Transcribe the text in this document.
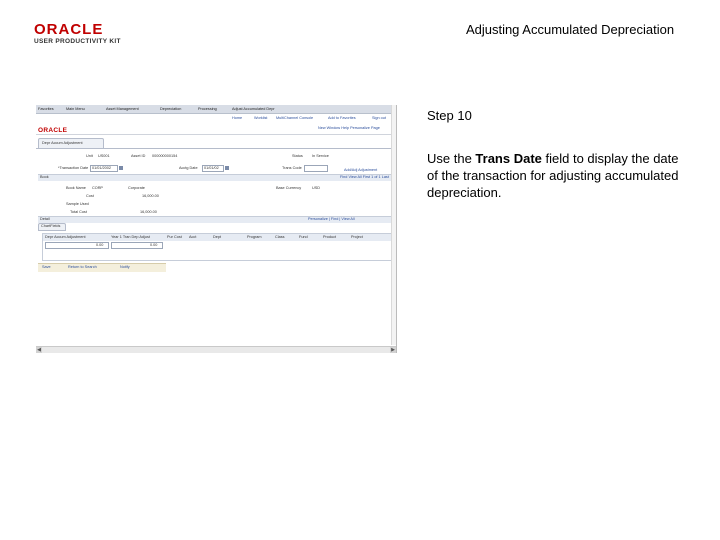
ORACLE
USER PRODUCTIVITY KIT
Adjusting Accumulated Depreciation
Step 10
Use the Trans Date field to display the date of the transaction for adjusting accumulated depreciation.
Favorites	Main Menu	Asset Management	Depreciation	Processing	Adjust Accumulated Depr
ORACLE
Home	Worklist MultiChannel Console	Add to Favorites	Sign out
New Window Help Personalize Page
Depr Accum Adjustment
Unit US001	Asset ID 000000000154	Status In Service
*Transaction Date 01/01/2002	Acctg Date 01/01/02	Trans Code	Add/Adj Adjustment
Book	Find View All First 1 of 1 Last
Book Name CORP	Corporate	Base Currency	USD
Cost	16,000.00
Sample Used
Total Cost	16,000.00
Detail	Personalize | Find | View All
ChartFields
Depr Accum Adjustment	Year 1 Tran Dep Adjust	Pur Cost Acct	Dept	Program	Class	Fund	Product	Project
0.00	0.00
Save	Return to Search	Notify
◀	▶
